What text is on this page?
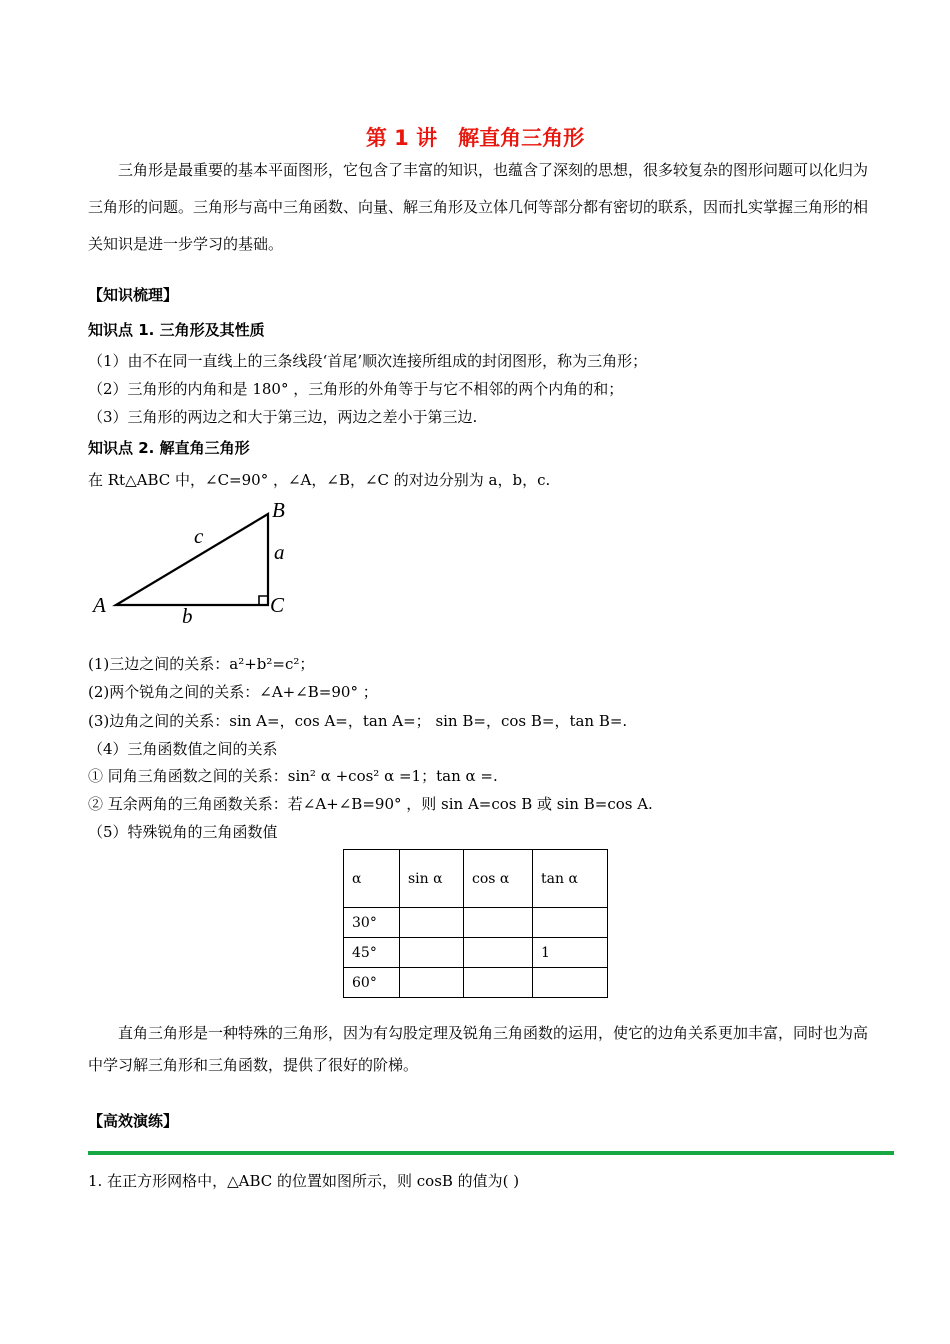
第 1 讲　解直角三角形
三角形是最重要的基本平面图形，它包含了丰富的知识，也蕴含了深刻的思想，很多较复杂的图形问题可以化归为三角形的问题。三角形与高中三角函数、向量、解三角形及立体几何等部分都有密切的联系，因而扎实掌握三角形的相关知识是进一步学习的基础。
【知识梳理】
知识点 1. 三角形及其性质
（1）由不在同一直线上的三条线段‘首尾’顺次连接所组成的封闭图形，称为三角形；
（2）三角形的内角和是 180° ，三角形的外角等于与它不相邻的两个内角的和；
（3）三角形的两边之和大于第三边，两边之差小于第三边.
知识点 2. 解直角三角形
在 Rt△ABC 中，∠C=90° ，∠A，∠B，∠C 的对边分别为 a，b，c.
B
a
c
A	C
b
(1)三边之间的关系：a²+b²=c²；
(2)两个锐角之间的关系：∠A+∠B=90° ；
(3)边角之间的关系：sin A=，cos A=，tan A=； sin B=，cos B=，tan B=.
（4）三角函数值之间的关系
① 同角三角函数之间的关系：sin² α +cos² α =1；tan α =.
② 互余两角的三角函数关系：若∠A+∠B=90° ，则 sin A=cos B 或 sin B=cos A.
（5）特殊锐角的三角函数值
α	sin α	cos α	tan α
30°			
45°			1
60°			
直角三角形是一种特殊的三角形，因为有勾股定理及锐角三角函数的运用，使它的边角关系更加丰富，同时也为高中学习解三角形和三角函数，提供了很好的阶梯。
【高效演练】
1. 在正方形网格中，△ABC 的位置如图所示，则 cosB 的值为( )
